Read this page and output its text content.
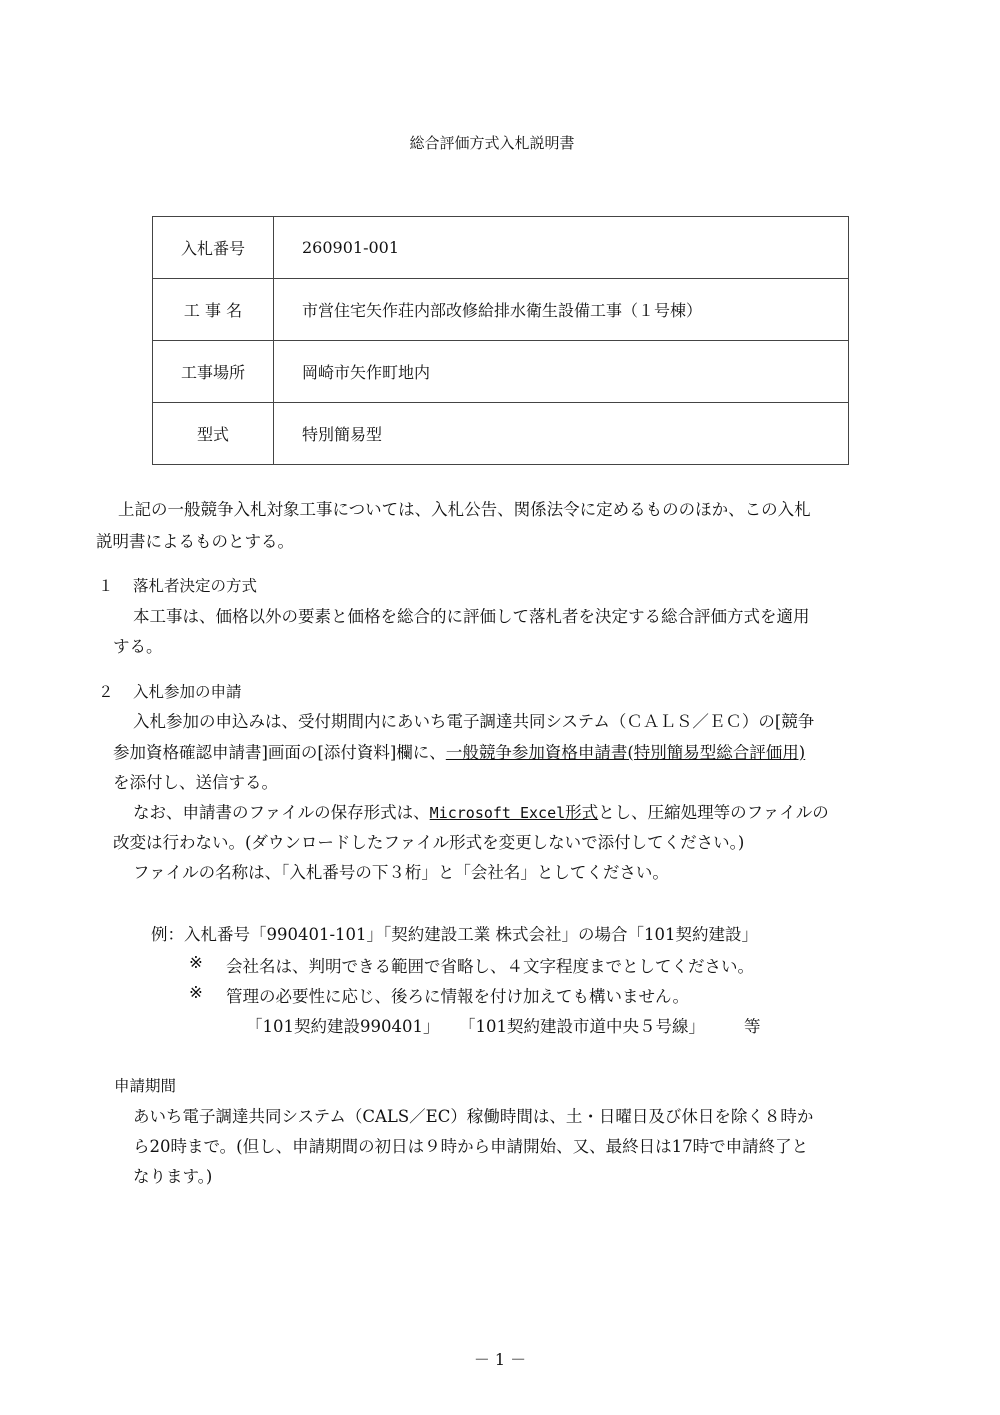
総合評価方式入札説明書
入札番号	260901-001
工 事 名	市営住宅矢作荘内部改修給排水衛生設備工事（１号棟）
工事場所	岡崎市矢作町地内
型式	特別簡易型
上記の一般競争入札対象工事については、入札公告、関係法令に定めるもののほか、この入札
説明書によるものとする。
１ 落札者決定の方式
本工事は、価格以外の要素と価格を総合的に評価して落札者を決定する総合評価方式を適用
する。
２ 入札参加の申請
入札参加の申込みは、受付期間内にあいち電子調達共同システム（ＣＡＬＳ／ＥＣ）の[競争
参加資格確認申請書]画面の[添付資料]欄に、一般競争参加資格申請書(特別簡易型総合評価用)
を添付し、送信する。
なお、申請書のファイルの保存形式は、Microsoft Excel形式とし、圧縮処理等のファイルの
改変は行わない。(ダウンロードしたファイル形式を変更しないで添付してください。)
ファイルの名称は、「入札番号の下３桁」と「会社名」としてください。
例：入札番号「990401-101」「契約建設工業 株式会社」の場合「101契約建設」
※ 会社名は、判明できる範囲で省略し、４文字程度までとしてください。
※ 管理の必要性に応じ、後ろに情報を付け加えても構いません。
「101契約建設990401」 「101契約建設市道中央５号線」 等
申請期間
あいち電子調達共同システム（CALS／EC）稼働時間は、土・日曜日及び休日を除く８時か
ら20時まで。(但し、申請期間の初日は９時から申請開始、又、最終日は17時で申請終了と
なります。)
－ 1 －
